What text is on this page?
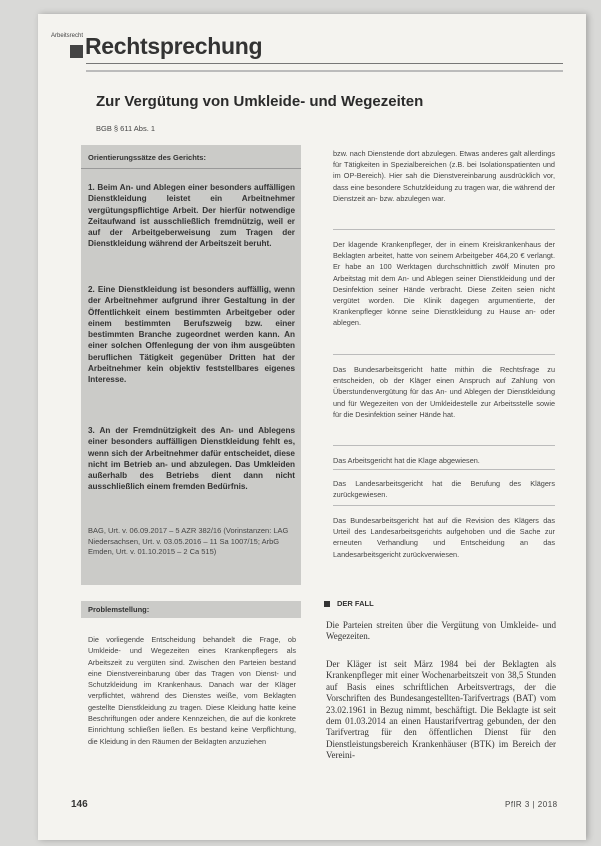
Arbeitsrecht Rechtsprechung
Zur Vergütung von Umkleide- und Wegezeiten
BGB § 611 Abs. 1
Orientierungssätze des Gerichts:

1. Beim An- und Ablegen einer besonders auffälligen Dienstkleidung leistet ein Arbeitnehmer vergütungspflichtige Arbeit. Der hierfür notwendige Zeitaufwand ist ausschließlich fremdnützig, weil er auf der Arbeitgeberweisung zum Tragen der Dienstkleidung während der Arbeitszeit beruht.

2. Eine Dienstkleidung ist besonders auffällig, wenn der Arbeitnehmer aufgrund ihrer Gestaltung in der Öffentlichkeit einem bestimmten Arbeitgeber oder einem bestimmten Berufszweig bzw. einer bestimmten Branche zugeordnet werden kann. An einer solchen Offenlegung der von ihm ausgeübten beruflichen Tätigkeit gegenüber Dritten hat der Arbeitnehmer kein objektiv feststellbares eigenes Interesse.

3. An der Fremdnützigkeit des An- und Ablegens einer besonders auffälligen Dienstkleidung fehlt es, wenn sich der Arbeitnehmer dafür entscheidet, diese nicht im Betrieb an- und abzulegen. Das Umkleiden außerhalb des Betriebs dient dann nicht ausschließlich einem fremden Bedürfnis.

BAG, Urt. v. 06.09.2017 – 5 AZR 382/16 (Vorinstanzen: LAG Niedersachsen, Urt. v. 03.05.2016 – 11 Sa 1007/15; ArbG Emden, Urt. v. 01.10.2015 – 2 Ca 515)

Problemstellung:

Die vorliegende Entscheidung behandelt die Frage, ob Umkleide- und Wegezeiten eines Krankenpflegers als Arbeitszeit zu vergüten sind. Zwischen den Parteien bestand eine Dienstvereinbarung über das Tragen von Dienst- und Schutzkleidung im Krankenhaus. Danach war der Kläger verpflichtet, während des Dienstes weiße, vom Beklagten gestellte Dienstkleidung zu tragen. Diese Kleidung hatte keine Beschriftungen oder andere Kennzeichen, die auf die konkrete Einrichtung schließen ließen. Es bestand keine Verpflichtung, die Kleidung in den Räumen der Beklagten anzuziehen

bzw. nach Dienstende dort abzulegen. Etwas anderes galt allerdings für Tätigkeiten in Spezialbereichen (z.B. bei Isolationspatienten und im OP-Bereich). Hier sah die Dienstvereinbarung ausdrücklich vor, dass eine besondere Schutzkleidung zu tragen war, die während der Dienstzeit an- bzw. abzulegen war.

Der klagende Krankenpfleger, der in einem Kreiskrankenhaus der Beklagten arbeitet, hatte von seinem Arbeitgeber 464,20 € verlangt. Er habe an 100 Werktagen durchschnittlich zwölf Minuten pro Arbeitstag mit dem An- und Ablegen seiner Dienstkleidung und der Desinfektion seiner Hände verbracht. Diese Zeiten seien nicht vergütet worden. Die Klinik dagegen argumentierte, der Krankenpfleger könne seine Dienstkleidung zu Hause an- oder ablegen.

Das Bundesarbeitsgericht hatte mithin die Rechtsfrage zu entscheiden, ob der Kläger einen Anspruch auf Zahlung von Überstundenvergütung für das An- und Ablegen der Dienstkleidung und für Wegezeiten von der Umkleidestelle zur Arbeitsstelle sowie für die Desinfektion seiner Hände hat.

Das Arbeitsgericht hat die Klage abgewiesen.

Das Landesarbeitsgericht hat die Berufung des Klägers zurückgewiesen.

Das Bundesarbeitsgericht hat auf die Revision des Klägers das Urteil des Landesarbeitsgerichts aufgehoben und die Sache zur erneuten Verhandlung und Entscheidung an das Landesarbeitsgericht zurückverwiesen.

DER FALL

Die Parteien streiten über die Vergütung von Umkleide- und Wegezeiten.

Der Kläger ist seit März 1984 bei der Beklagten als Krankenpfleger mit einer Wochenarbeitszeit von 38,5 Stunden auf Basis eines schriftlichen Arbeitsvertrags, der die Vorschriften des Bundesangestellten-Tarifvertrags (BAT) vom 23.02.1961 in Bezug nimmt, beschäftigt. Die Beklagte ist seit dem 01.03.2014 an einen Haustarifvertrag gebunden, der den Tarifvertrag für den öffentlichen Dienst für den Dienstleistungsbereich Krankenhäuser (BTK) im Bereich der Vereini-

146	PflR 3 | 2018
